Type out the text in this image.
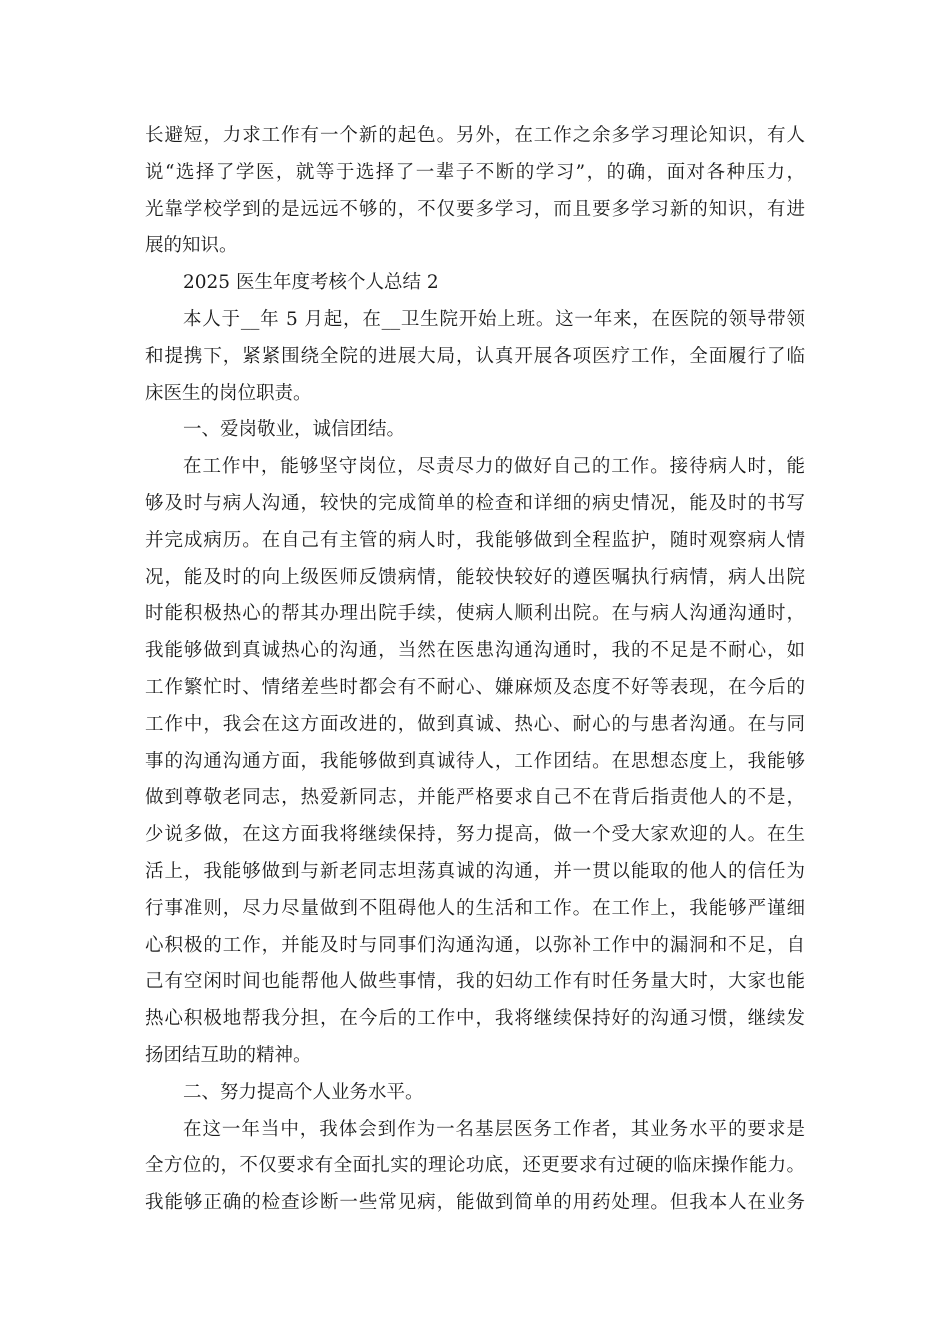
长避短，力求工作有一个新的起色。另外，在工作之余多学习理论知识，有人
说“选择了学医，就等于选择了一辈子不断的学习”，的确，面对各种压力，
光靠学校学到的是远远不够的，不仅要多学习，而且要多学习新的知识，有进
展的知识。
2025 医生年度考核个人总结 2
本人于__年 5 月起，在__卫生院开始上班。这一年来，在医院的领导带领
和提携下，紧紧围绕全院的进展大局，认真开展各项医疗工作，全面履行了临
床医生的岗位职责。
一、爱岗敬业，诚信团结。
在工作中，能够坚守岗位，尽责尽力的做好自己的工作。接待病人时，能
够及时与病人沟通，较快的完成简单的检查和详细的病史情况，能及时的书写
并完成病历。在自己有主管的病人时，我能够做到全程监护，随时观察病人情
况，能及时的向上级医师反馈病情，能较快较好的遵医嘱执行病情，病人出院
时能积极热心的帮其办理出院手续，使病人顺利出院。在与病人沟通沟通时，
我能够做到真诚热心的沟通，当然在医患沟通沟通时，我的不足是不耐心，如
工作繁忙时、情绪差些时都会有不耐心、嫌麻烦及态度不好等表现，在今后的
工作中，我会在这方面改进的，做到真诚、热心、耐心的与患者沟通。在与同
事的沟通沟通方面，我能够做到真诚待人，工作团结。在思想态度上，我能够
做到尊敬老同志，热爱新同志，并能严格要求自己不在背后指责他人的不是，
少说多做，在这方面我将继续保持，努力提高，做一个受大家欢迎的人。在生
活上，我能够做到与新老同志坦荡真诚的沟通，并一贯以能取的他人的信任为
行事准则，尽力尽量做到不阻碍他人的生活和工作。在工作上，我能够严谨细
心积极的工作，并能及时与同事们沟通沟通，以弥补工作中的漏洞和不足，自
己有空闲时间也能帮他人做些事情，我的妇幼工作有时任务量大时，大家也能
热心积极地帮我分担，在今后的工作中，我将继续保持好的沟通习惯，继续发
扬团结互助的精神。
二、努力提高个人业务水平。
在这一年当中，我体会到作为一名基层医务工作者，其业务水平的要求是
全方位的，不仅要求有全面扎实的理论功底，还更要求有过硬的临床操作能力。
我能够正确的检查诊断一些常见病，能做到简单的用药处理。但我本人在业务
